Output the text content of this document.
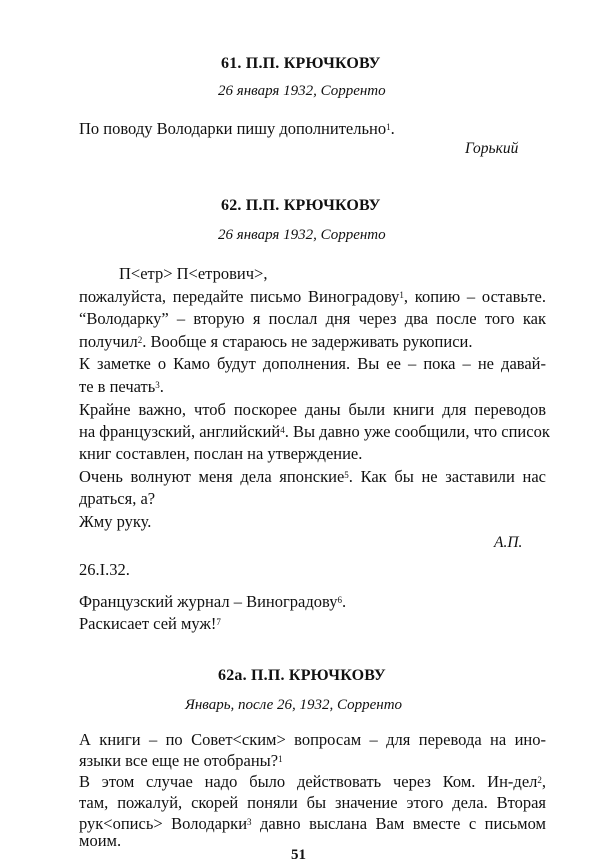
61. П.П. КРЮЧКОВУ
26 января 1932, Сорренто
По поводу Володарки пишу дополнительно$^1$.
Горький
62. П.П. КРЮЧКОВУ
26 января 1932, Сорренто
П<етр> П<етрович>,
пожалуйста, передайте письмо Виноградову$^1$, копию – оставьте.
“Володарку” – вторую я послал дня через два после того как
получил$^2$. Вообще я стараюсь не задерживать рукописи.
К заметке о Камо будут дополнения. Вы ее – пока – не давай-
те в печать$^3$.
Крайне важно, чтоб поскорее даны были книги для переводов
на французский, английский$^4$. Вы давно уже сообщили, что список
книг составлен, послан на утверждение.
Очень волнуют меня дела японские$^5$. Как бы не заставили нас
драться, а?
Жму руку.
А.П.
26.I.32.
Французский журнал – Виноградову$^6$.
Раскисает сей муж!$^7$
62а. П.П. КРЮЧКОВУ
Январь, после 26, 1932, Сорренто
А книги – по Совет<ским> вопросам – для перевода на ино-
языки все еще не отобраны?$^1$
В этом случае надо было действовать через Ком. Ин-дел$^2$,
там, пожалуй, скорей поняли бы значение этого дела. Вторая
рук<опись> Володарки$^3$ давно выслана Вам вместе с письмом
моим.
51
